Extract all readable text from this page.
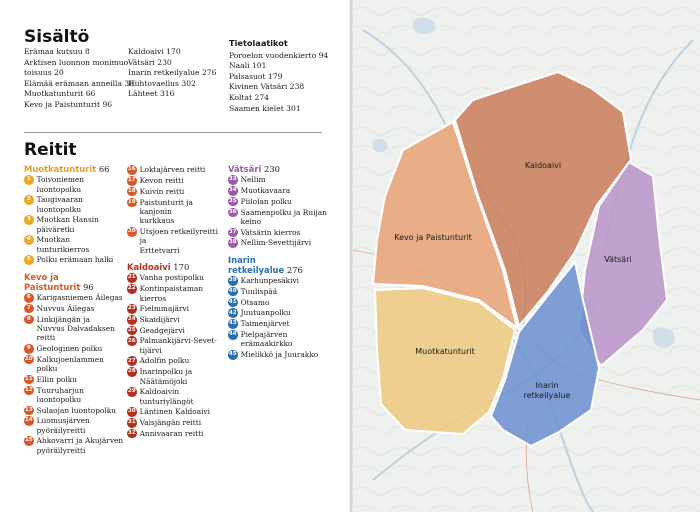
Sisältö
Erämaa kutsuu 8
Arktisen luonnon monimuo-
toisuus 20
Elämää erämaan anneilla 38
Muotkatunturit 66
Kevo ja Paistunturit 96
Kaldoaivi 170
Vätsäri 230
Inarin retkeilyalue 276
Hiihtovaellus 302
Lähteet 316
Tietolaatikot
Poroelon vuodenkierto 94
Naali 101
Palsasuot 179
Kivinen Vätsäri 238
Koltat 274
Saamen kielet 301
Reitit
Muotkatunturit 66
1 Toivoniemen
luontopolku
2 Taugivaaran
luontopolku
3 Muotkan Hansin
päiväretki
4 Muotkan tunturikierros
5 Polku erämaan halki
Kevo ja
Paistunturit 96
6 Karigasniemen Áilegas
7 Nuvvus Áilegas
8 Linkijängän ja
Nuvvus Dalvadaksen
reitti
9 Geologinen polku
10 Kalkujoenlammen
polku
11 Ellin polku
12 Tuuruharjun
luontopolku
13 Sulaojan luontopolku
14 Luomusjärven
pyöräilyreitti
15 Ahkovarri ja Akujärven
pyöräilyreitti
16 Loktajärven reitti
17 Kevon reitti
18 Kuivin reitti
19 Paistunturit ja kanjonin
kurkkaus
20 Utsjoen retkeilyreitti ja
Erttetvarri
Kaldoaivi 170
21 Vanha postipolku
22 Kontinpaistaman
kierros
23 Fielmmajärvi
24 Skaidijärvi
25 Geadgejärvi
26 Palmankijärvi-Sevet-
tijärvi
27 Adolfin polku
28 Inarinpolku ja
Näätämöjoki
29 Kaldoaivin
tunturiylängöt
30 Läntinen Kaldoaivi
31 Vaisjängän reitti
32 Annivaaran reitti
Vätsäri 230
33 Nellim
34 Muotkavaara
35 Piilolan polku
36 Saamenpolku ja Ruijan
keino
37 Vätsärin kierros
38 Nellim-Sevettijärvi
Inarin
retkeilyalue 276
39 Karhunpesäkivi
40 Tuulispää
41 Otsamo
42 Juutuanpolku
43 Taimenjärvet
44 Pielpajärven
erämaakirkko
45 Mielikkö ja Juurakko
Kaldoaivi
Kevo ja Paistunturit
Vätsäri
Muotkatunturit
Inarin retkeilyalue
